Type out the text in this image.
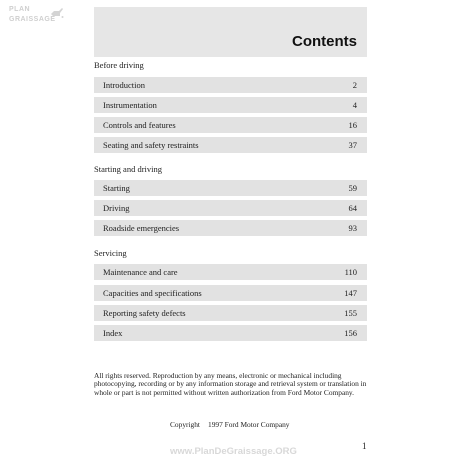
PLAN
GRAISSAGE
Contents
Before driving
Introduction	2
Instrumentation	4
Controls and features	16
Seating and safety restraints	37
Starting and driving
Starting	59
Driving	64
Roadside emergencies	93
Servicing
Maintenance and care	110
Capacities and specifications	147
Reporting safety defects	155
Index	156
All rights reserved. Reproduction by any means, electronic or mechanical including photocopying, recording or by any information storage and retrieval system or translation in whole or part is not permitted without written authorization from Ford Motor Company.
Copyright 1997 Ford Motor Company
www.PlanDeGraissage.ORG	1
